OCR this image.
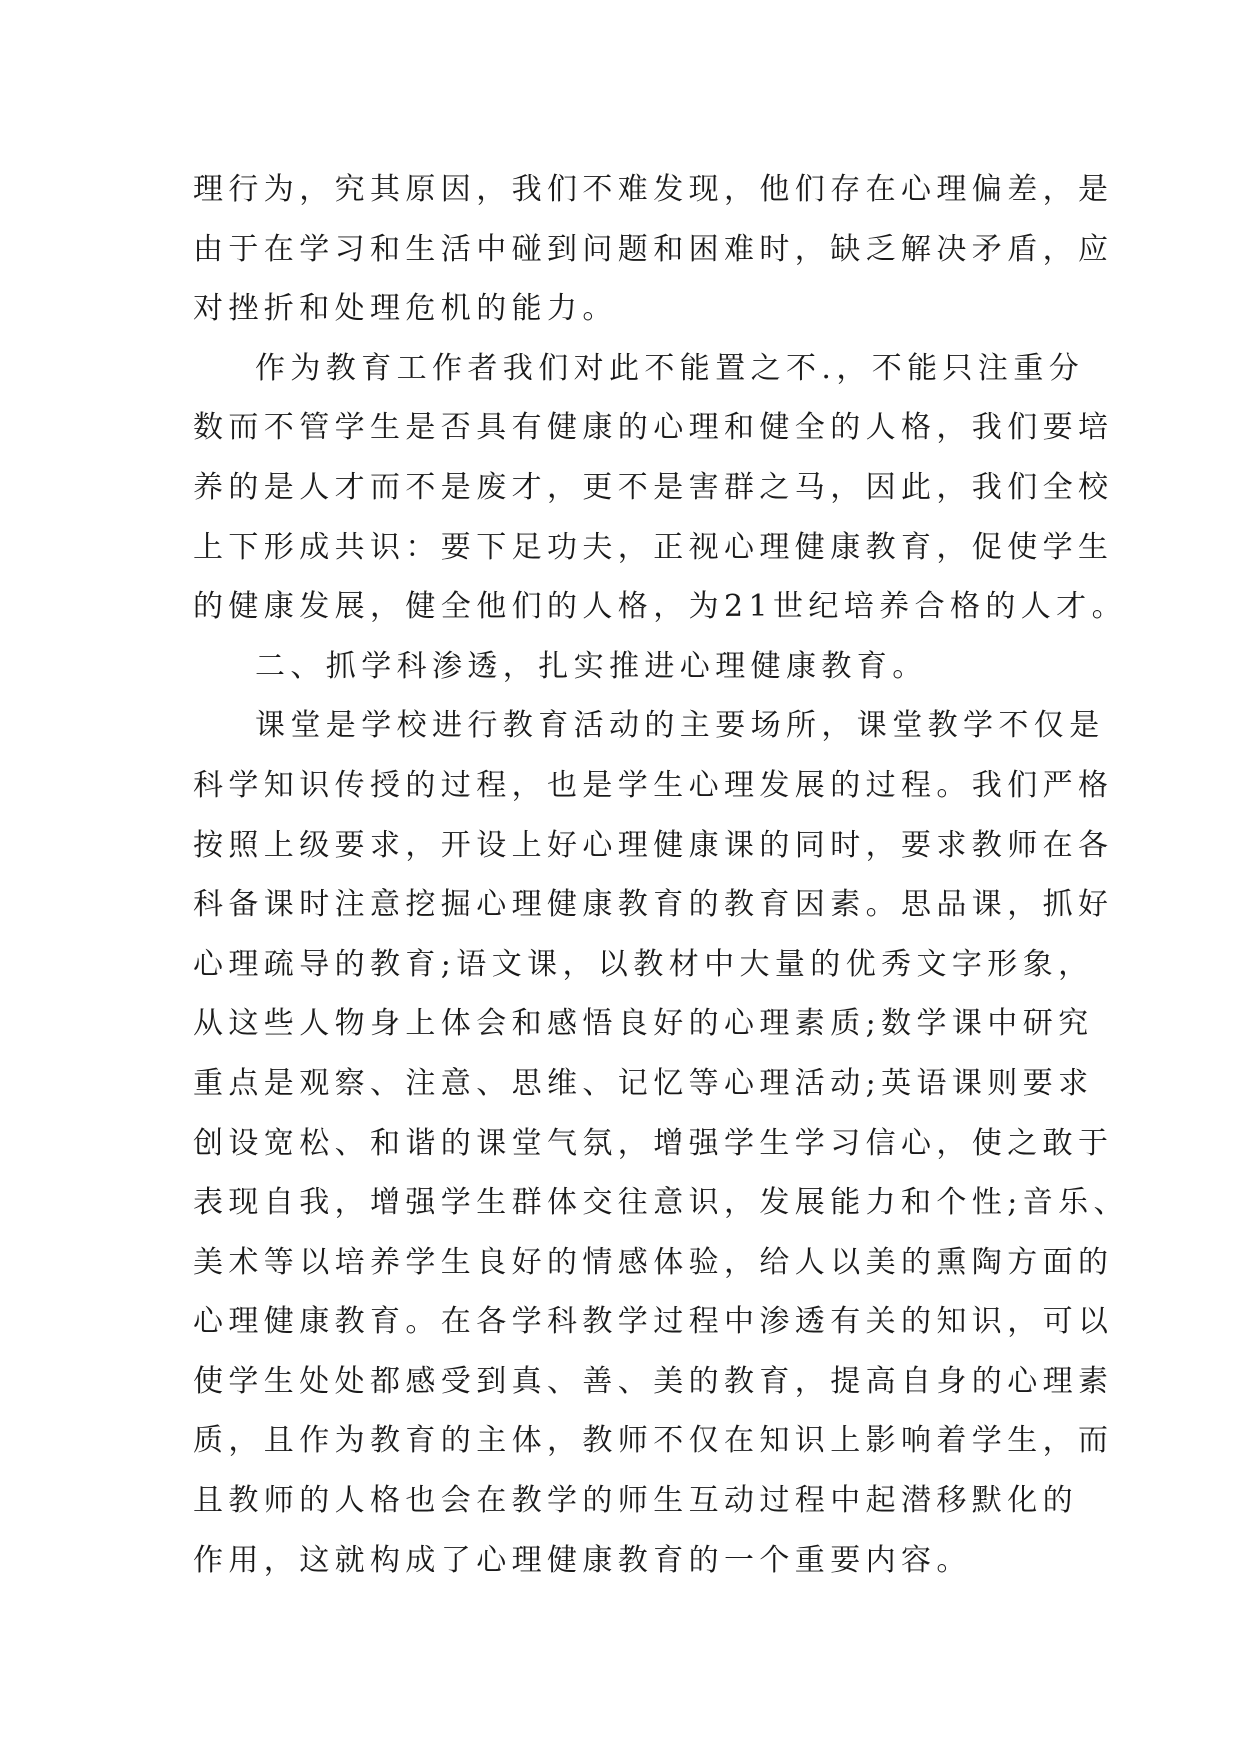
理行为，究其原因，我们不难发现，他们存在心理偏差，是
由于在学习和生活中碰到问题和困难时，缺乏解决矛盾，应
对挫折和处理危机的能力。
作为教育工作者我们对此不能置之不.，不能只注重分
数而不管学生是否具有健康的心理和健全的人格，我们要培
养的是人才而不是废才，更不是害群之马，因此，我们全校
上下形成共识：要下足功夫，正视心理健康教育，促使学生
的健康发展，健全他们的人格，为21世纪培养合格的人才。
二、抓学科渗透，扎实推进心理健康教育。
课堂是学校进行教育活动的主要场所，课堂教学不仅是
科学知识传授的过程，也是学生心理发展的过程。我们严格
按照上级要求，开设上好心理健康课的同时，要求教师在各
科备课时注意挖掘心理健康教育的教育因素。思品课，抓好
心理疏导的教育;语文课，以教材中大量的优秀文字形象，
从这些人物身上体会和感悟良好的心理素质;数学课中研究
重点是观察、注意、思维、记忆等心理活动;英语课则要求
创设宽松、和谐的课堂气氛，增强学生学习信心，使之敢于
表现自我，增强学生群体交往意识，发展能力和个性;音乐、
美术等以培养学生良好的情感体验，给人以美的熏陶方面的
心理健康教育。在各学科教学过程中渗透有关的知识，可以
使学生处处都感受到真、善、美的教育，提高自身的心理素
质，且作为教育的主体，教师不仅在知识上影响着学生，而
且教师的人格也会在教学的师生互动过程中起潜移默化的
作用，这就构成了心理健康教育的一个重要内容。
